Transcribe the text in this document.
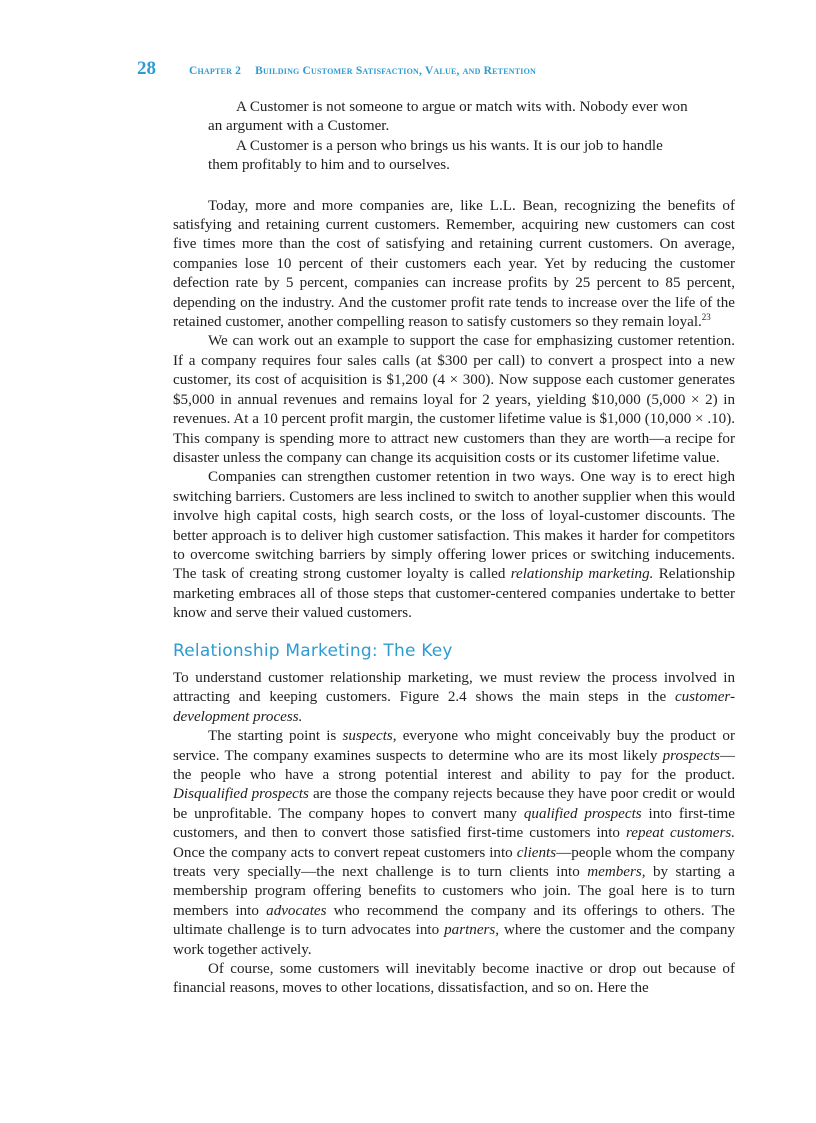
28	Chapter 2 Building Customer Satisfaction, Value, and Retention

A Customer is not someone to argue or match wits with. Nobody ever won an argument with a Customer.

A Customer is a person who brings us his wants. It is our job to handle them profitably to him and to ourselves.

Today, more and more companies are, like L.L. Bean, recognizing the benefits of satisfying and retaining current customers. Remember, acquiring new customers can cost five times more than the cost of satisfying and retaining current customers. On average, companies lose 10 percent of their customers each year. Yet by reducing the customer defection rate by 5 percent, companies can increase profits by 25 percent to 85 percent, depending on the industry. And the customer profit rate tends to increase over the life of the retained customer, another compelling reason to satisfy customers so they remain loyal.$^{23}$

We can work out an example to support the case for emphasizing customer retention. If a company requires four sales calls (at $300 per call) to convert a prospect into a new customer, its cost of acquisition is $1,200 (4 × 300). Now suppose each customer generates $5,000 in annual revenues and remains loyal for 2 years, yielding $10,000 (5,000 × 2) in revenues. At a 10 percent profit margin, the customer lifetime value is $1,000 (10,000 × .10). This company is spending more to attract new customers than they are worth—a recipe for disaster unless the company can change its acquisition costs or its customer lifetime value.

Companies can strengthen customer retention in two ways. One way is to erect high switching barriers. Customers are less inclined to switch to another supplier when this would involve high capital costs, high search costs, or the loss of loyal-customer discounts. The better approach is to deliver high customer satisfaction. This makes it harder for competitors to overcome switching barriers by simply offering lower prices or switching inducements. The task of creating strong customer loyalty is called relationship marketing. Relationship marketing embraces all of those steps that customer-centered companies undertake to better know and serve their valued customers.

Relationship Marketing: The Key

To understand customer relationship marketing, we must review the process involved in attracting and keeping customers. Figure 2.4 shows the main steps in the customer-development process.

The starting point is suspects, everyone who might conceivably buy the product or service. The company examines suspects to determine who are its most likely prospects—the people who have a strong potential interest and ability to pay for the product. Disqualified prospects are those the company rejects because they have poor credit or would be unprofitable. The company hopes to convert many qualified prospects into first-time customers, and then to convert those satisfied first-time customers into repeat customers. Once the company acts to convert repeat customers into clients—people whom the company treats very specially—the next challenge is to turn clients into members, by starting a membership program offering benefits to customers who join. The goal here is to turn members into advocates who recommend the company and its offerings to others. The ultimate challenge is to turn advocates into partners, where the customer and the company work together actively.

Of course, some customers will inevitably become inactive or drop out because of financial reasons, moves to other locations, dissatisfaction, and so on. Here the
